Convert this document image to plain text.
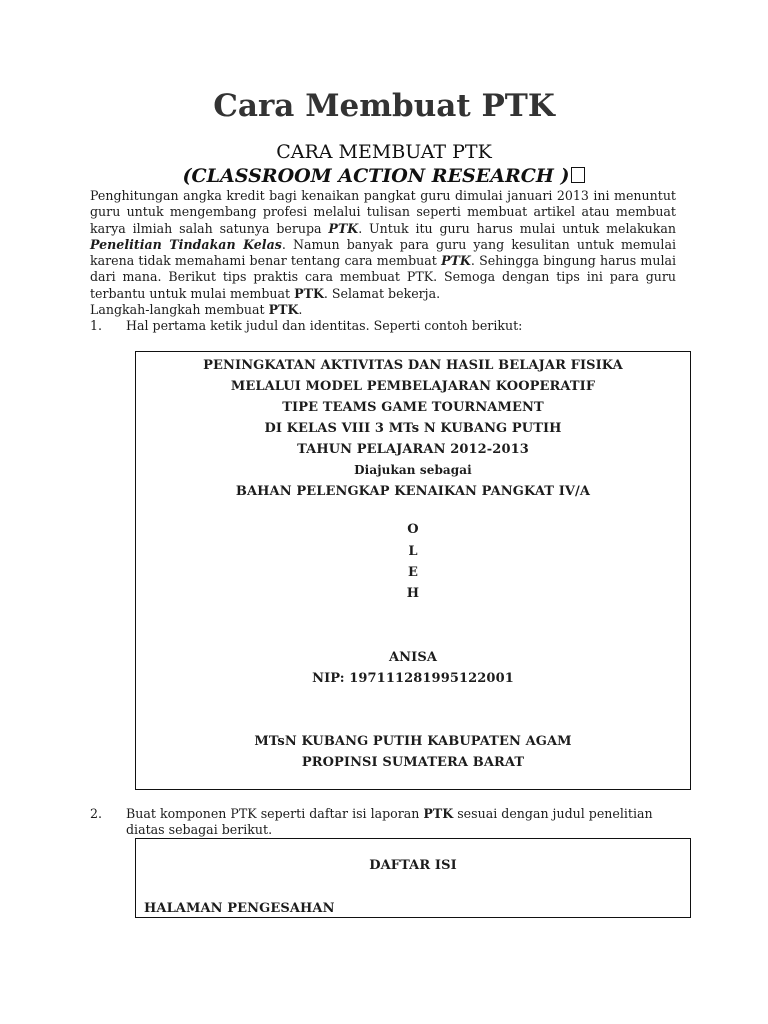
Cara Membuat PTK
CARA MEMBUAT PTK
(CLASSROOM ACTION RESEARCH )

Penghitungan angka kredit bagi kenaikan pangkat guru dimulai januari 2013 ini menuntut guru untuk mengembang profesi melalui tulisan seperti membuat artikel atau membuat karya ilmiah salah satunya berupa PTK. Untuk itu guru harus mulai untuk melakukan Penelitian Tindakan Kelas. Namun banyak para guru yang kesulitan untuk memulai karena tidak memahami benar tentang cara membuat PTK. Sehingga bingung harus mulai dari mana. Berikut tips praktis cara membuat PTK. Semoga dengan tips ini para guru terbantu untuk mulai membuat PTK. Selamat bekerja.

Langkah-langkah membuat PTK.

1.	Hal pertama ketik judul dan identitas. Seperti contoh berikut:
PENINGKATAN AKTIVITAS DAN HASIL BELAJAR FISIKA
MELALUI MODEL PEMBELAJARAN KOOPERATIF
TIPE TEAMS GAME TOURNAMENT
DI KELAS VIII 3 MTs N KUBANG PUTIH
TAHUN PELAJARAN 2012-2013
Diajukan sebagai
BAHAN PELENGKAP KENAIKAN PANGKAT IV/A
O
L
E
H
ANISA
NIP: 197111281995122001
MTsN KUBANG PUTIH KABUPATEN AGAM
PROPINSI SUMATERA BARAT
2.	Buat komponen PTK seperti daftar isi laporan PTK sesuai dengan judul penelitian diatas sebagai berikut.
DAFTAR ISI
HALAMAN PENGESAHAN
